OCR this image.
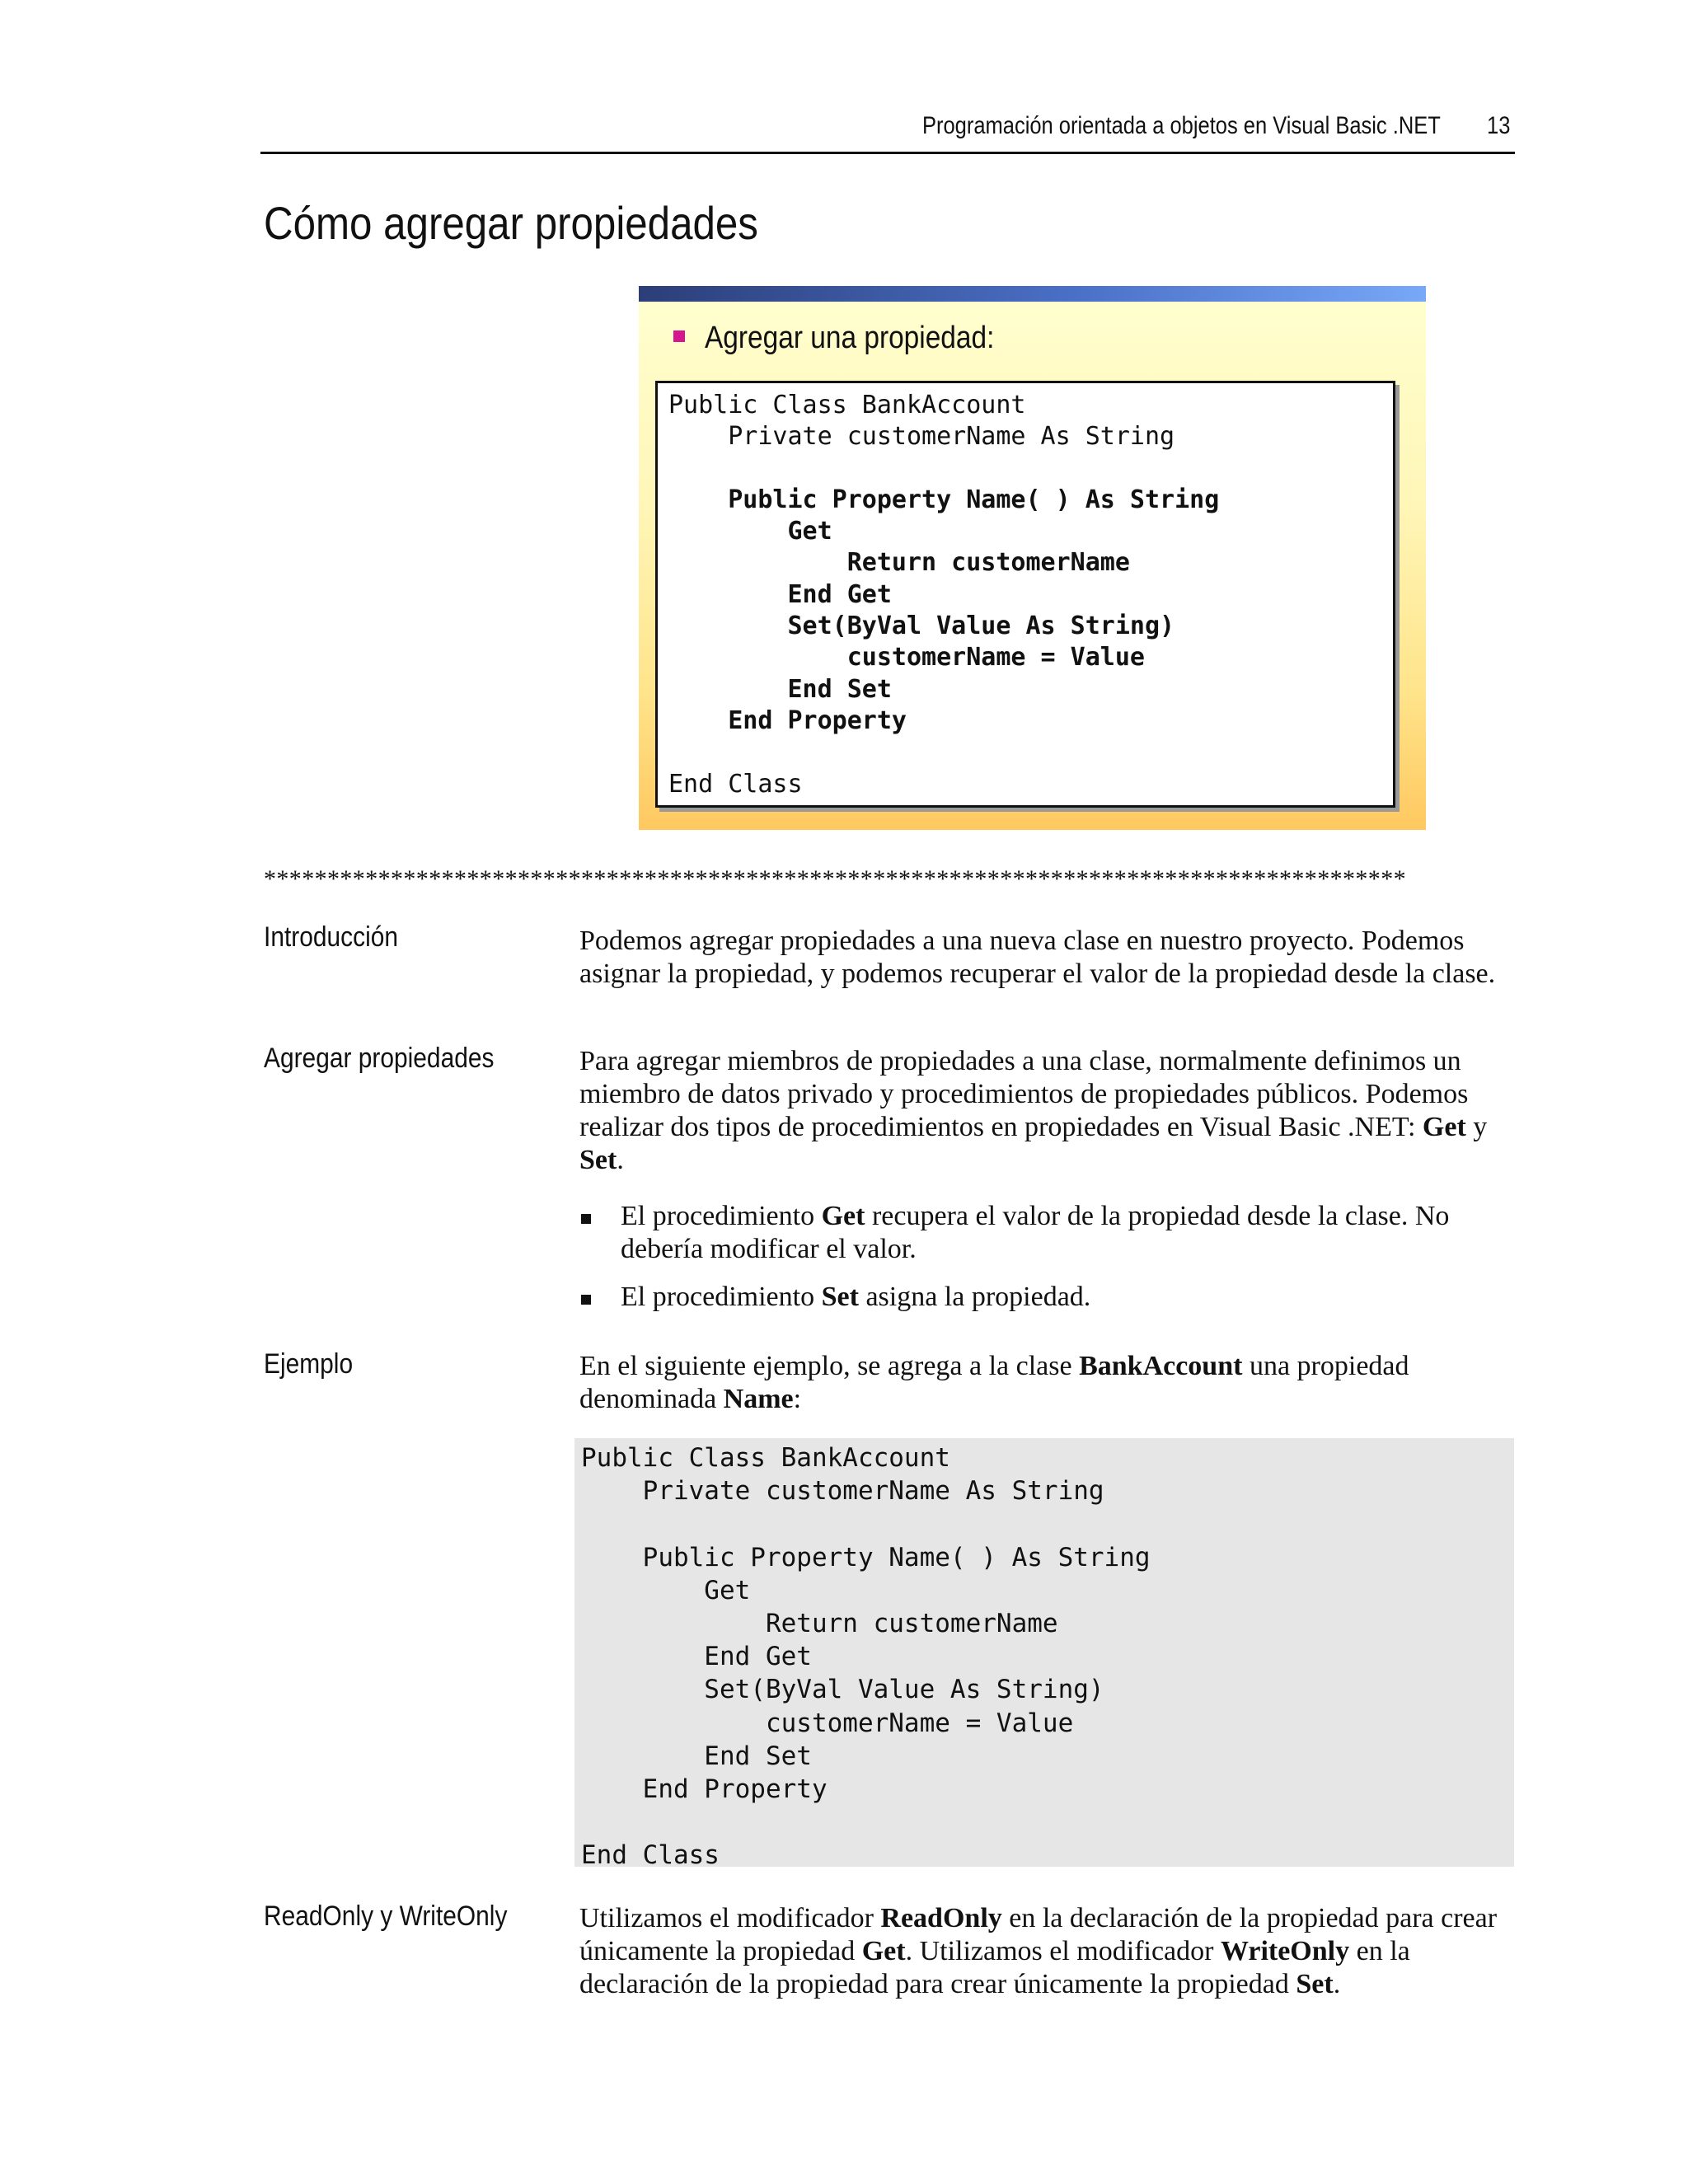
Programación orientada a objetos en Visual Basic .NET 13
Cómo agregar propiedades
Agregar una propiedad:
Public Class BankAccount
Private customerName As String

Public Property Name( ) As String
Get
Return customerName
End Get
Set(ByVal Value As String)
customerName = Value
End Set
End Property

End Class
******************************************************************************************
Introducción	Podemos agregar propiedades a una nueva clase en nuestro proyecto. Podemos asignar la propiedad, y podemos recuperar el valor de la propiedad desde la clase.
Agregar propiedades	Para agregar miembros de propiedades a una clase, normalmente definimos un miembro de datos privado y procedimientos de propiedades públicos. Podemos realizar dos tipos de procedimientos en propiedades en Visual Basic .NET: Get y Set.
El procedimiento Get recupera el valor de la propiedad desde la clase. No debería modificar el valor.
El procedimiento Set asigna la propiedad.
Ejemplo	En el siguiente ejemplo, se agrega a la clase BankAccount una propiedad denominada Name:
Public Class BankAccount
Private customerName As String

Public Property Name( ) As String
Get
Return customerName
End Get
Set(ByVal Value As String)
customerName = Value
End Set
End Property

End Class
ReadOnly y WriteOnly	Utilizamos el modificador ReadOnly en la declaración de la propiedad para crear únicamente la propiedad Get. Utilizamos el modificador WriteOnly en la declaración de la propiedad para crear únicamente la propiedad Set.
